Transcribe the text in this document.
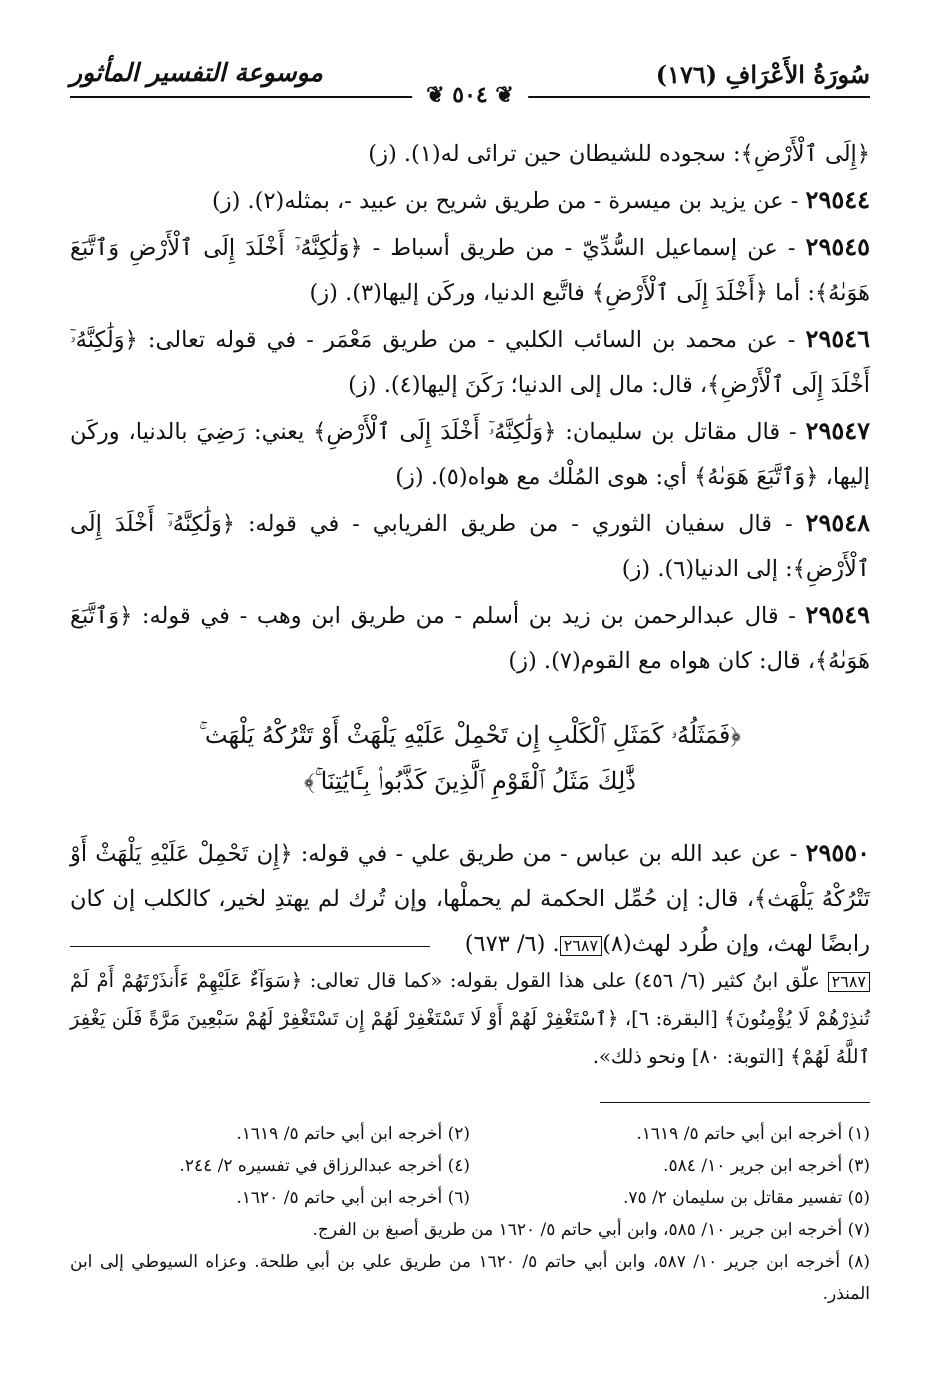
سُورَةُ الأَعْرَافِ (١٧٦)
موسوعة التفسير المأثور
❦ ٥٠٤ ❦

﴿إِلَى ٱلْأَرْضِ﴾: سجوده للشيطان حين ترائى له(١). (ز)

٢٩٥٤٤ - عن يزيد بن ميسرة - من طريق شريح بن عبيد -، بمثله(٢). (ز)

٢٩٥٤٥ - عن إسماعيل السُّدِّيّ - من طريق أسباط - ﴿وَلَٰكِنَّهُۥٓ أَخْلَدَ إِلَى ٱلْأَرْضِ وَٱتَّبَعَ هَوَىٰهُ﴾: أما ﴿أَخْلَدَ إِلَى ٱلْأَرْضِ﴾ فاتَّبع الدنيا، وركَن إليها(٣). (ز)

٢٩٥٤٦ - عن محمد بن السائب الكلبي - من طريق مَعْمَر - في قوله تعالى: ﴿وَلَٰكِنَّهُۥٓ أَخْلَدَ إِلَى ٱلْأَرْضِ﴾، قال: مال إلى الدنيا؛ رَكَنَ إليها(٤). (ز)

٢٩٥٤٧ - قال مقاتل بن سليمان: ﴿وَلَٰكِنَّهُۥٓ أَخْلَدَ إِلَى ٱلْأَرْضِ﴾ يعني: رَضِيَ بالدنيا، وركَن إليها، ﴿وَٱتَّبَعَ هَوَىٰهُ﴾ أي: هوى المُلْك مع هواه(٥). (ز)

٢٩٥٤٨ - قال سفيان الثوري - من طريق الفريابي - في قوله: ﴿وَلَٰكِنَّهُۥٓ أَخْلَدَ إِلَى ٱلْأَرْضِ﴾: إلى الدنيا(٦). (ز)

٢٩٥٤٩ - قال عبدالرحمن بن زيد بن أسلم - من طريق ابن وهب - في قوله: ﴿وَٱتَّبَعَ هَوَىٰهُ﴾، قال: كان هواه مع القوم(٧). (ز)

﴿فَمَثَلُهُۥ كَمَثَلِ ٱلْكَلْبِ إِن تَحْمِلْ عَلَيْهِ يَلْهَثْ أَوْ تَتْرُكْهُ يَلْهَث ۚ
ذَّٰلِكَ مَثَلُ ٱلْقَوْمِ ٱلَّذِينَ كَذَّبُوا۟ بِـَٔايَٰتِنَا ۚ﴾

٢٩٥٥٠ - عن عبد الله بن عباس - من طريق علي - في قوله: ﴿إِن تَحْمِلْ عَلَيْهِ يَلْهَثْ أَوْ تَتْرُكْهُ يَلْهَث﴾، قال: إن حُمِّل الحكمة لم يحملْها، وإن تُرك لم يهتدِ لخير، كالكلب إن كان رابضًا لهث، وإن طُرد لهث(٨)٢٦٨٧. (٦/ ٦٧٣)

٢٦٨٧ علّق ابنُ كثير (٦/ ٤٥٦) على هذا القول بقوله: «كما قال تعالى: ﴿سَوَآءٌ عَلَيْهِمْ ءَأَنذَرْتَهُمْ أَمْ لَمْ تُنذِرْهُمْ لَا يُؤْمِنُونَ﴾ [البقرة: ٦]، ﴿ٱسْتَغْفِرْ لَهُمْ أَوْ لَا تَسْتَغْفِرْ لَهُمْ إِن تَسْتَغْفِرْ لَهُمْ سَبْعِينَ مَرَّةً فَلَن يَغْفِرَ ٱللَّهُ لَهُمْ﴾ [التوبة: ٨٠] ونحو ذلك».
(١) أخرجه ابن أبي حاتم ٥/ ١٦١٩.
(٢) أخرجه ابن أبي حاتم ٥/ ١٦١٩.
(٣) أخرجه ابن جرير ١٠/ ٥٨٤.
(٤) أخرجه عبدالرزاق في تفسيره ٢/ ٢٤٤.
(٥) تفسير مقاتل بن سليمان ٢/ ٧٥.
(٦) أخرجه ابن أبي حاتم ٥/ ١٦٢٠.
(٧) أخرجه ابن جرير ١٠/ ٥٨٥، وابن أبي حاتم ٥/ ١٦٢٠ من طريق أصبغ بن الفرج.
(٨) أخرجه ابن جرير ١٠/ ٥٨٧، وابن أبي حاتم ٥/ ١٦٢٠ من طريق علي بن أبي طلحة. وعزاه السيوطي إلى ابن المنذر.
